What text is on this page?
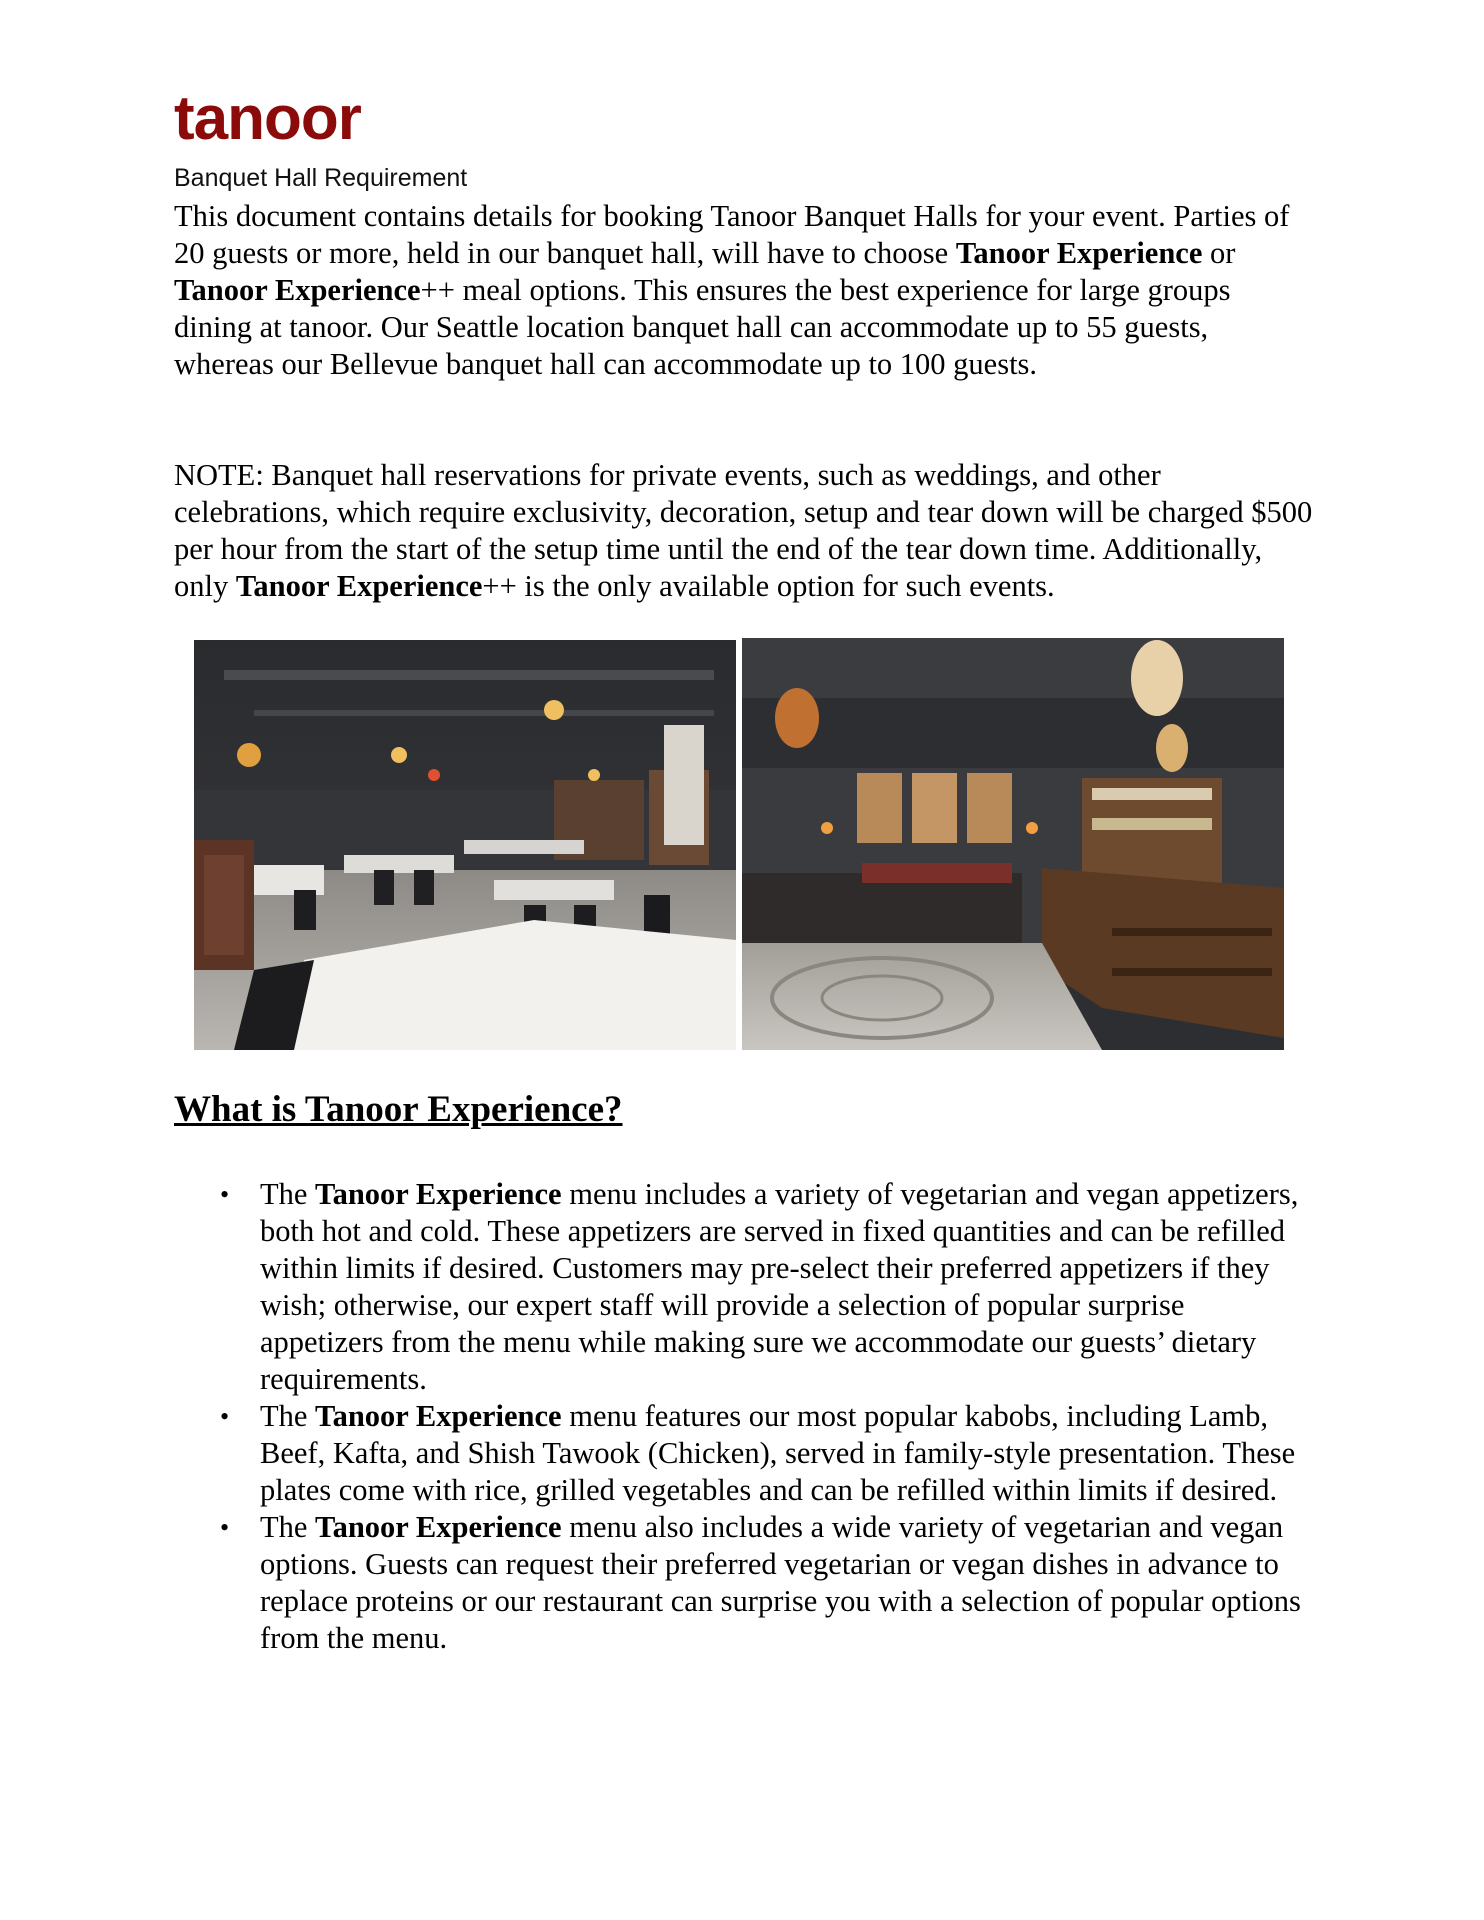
tanoor
Banquet Hall Requirement

This document contains details for booking Tanoor Banquet Halls for your event. Parties of 20 guests or more, held in our banquet hall, will have to choose Tanoor Experience or Tanoor Experience++ meal options. This ensures the best experience for large groups dining at tanoor. Our Seattle location banquet hall can accommodate up to 55 guests, whereas our Bellevue banquet hall can accommodate up to 100 guests.

NOTE: Banquet hall reservations for private events, such as weddings, and other celebrations, which require exclusivity, decoration, setup and tear down will be charged $500 per hour from the start of the setup time until the end of the tear down time. Additionally, only Tanoor Experience++ is the only available option for such events.

What is Tanoor Experience?
• The Tanoor Experience menu includes a variety of vegetarian and vegan appetizers, both hot and cold. These appetizers are served in fixed quantities and can be refilled within limits if desired. Customers may pre-select their preferred appetizers if they wish; otherwise, our expert staff will provide a selection of popular surprise appetizers from the menu while making sure we accommodate our guests’ dietary requirements.
• The Tanoor Experience menu features our most popular kabobs, including Lamb, Beef, Kafta, and Shish Tawook (Chicken), served in family-style presentation. These plates come with rice, grilled vegetables and can be refilled within limits if desired.
• The Tanoor Experience menu also includes a wide variety of vegetarian and vegan options. Guests can request their preferred vegetarian or vegan dishes in advance to replace proteins or our restaurant can surprise you with a selection of popular options from the menu.
